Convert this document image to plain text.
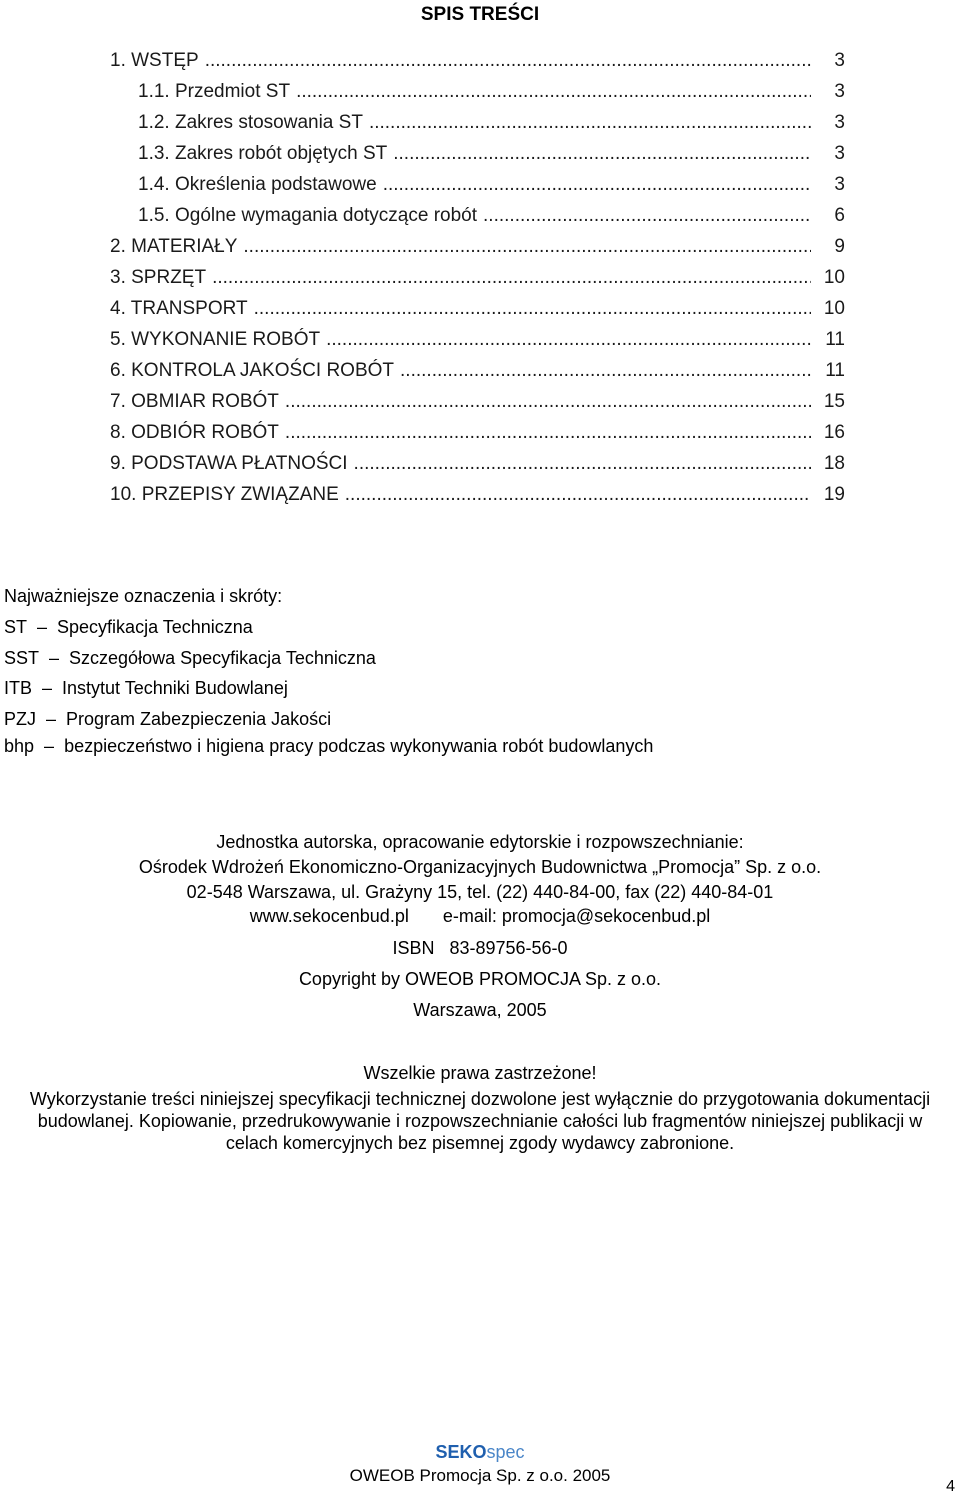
SPIS TREŚCI
1. WSTĘP .....	3
1.1. Przedmiot ST .....	3
1.2. Zakres stosowania ST .....	3
1.3. Zakres robót objętych ST .....	3
1.4. Określenia podstawowe .....	3
1.5. Ogólne wymagania dotyczące robót .....	6
2. MATERIAŁY .....	9
3. SPRZĘT .....	10
4. TRANSPORT .....	10
5. WYKONANIE ROBÓT .....	11
6. KONTROLA JAKOŚCI ROBÓT .....	11
7. OBMIAR ROBÓT .....	15
8. ODBIÓR ROBÓT .....	16
9. PODSTAWA PŁATNOŚCI .....	18
10. PRZEPISY ZWIĄZANE .....	19
Najważniejsze oznaczenia i skróty:
ST – Specyfikacja Techniczna
SST – Szczegółowa Specyfikacja Techniczna
ITB – Instytut Techniki Budowlanej
PZJ – Program Zabezpieczenia Jakości
bhp – bezpieczeństwo i higiena pracy podczas wykonywania robót budowlanych
Jednostka autorska, opracowanie edytorskie i rozpowszechnianie:
Ośrodek Wdrożeń Ekonomiczno-Organizacyjnych Budownictwa „Promocja” Sp. z o.o.
02-548 Warszawa, ul. Grażyny 15, tel. (22) 440-84-00, fax (22) 440-84-01
www.sekocenbud.pl e-mail: promocja@sekocenbud.pl
ISBN 83-89756-56-0
Copyright by OWEOB PROMOCJA Sp. z o.o.
Warszawa, 2005
Wszelkie prawa zastrzeżone!
Wykorzystanie treści niniejszej specyfikacji technicznej dozwolone jest wyłącznie do przygotowania dokumentacji budowlanej. Kopiowanie, przedrukowywanie i rozpowszechnianie całości lub fragmentów niniejszej publikacji w celach komercyjnych bez pisemnej zgody wydawcy zabronione.
SEKOspec
OWEOB Promocja Sp. z o.o. 2005
4
